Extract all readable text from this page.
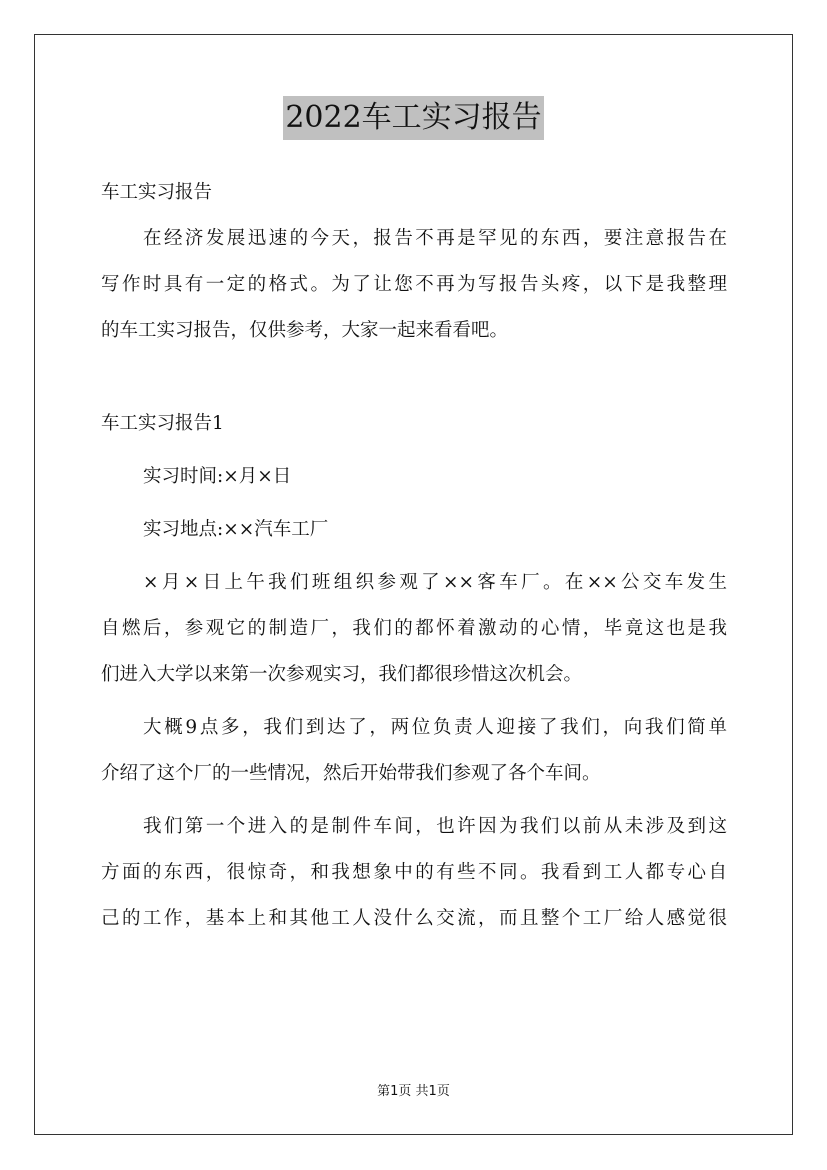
2022车工实习报告
车工实习报告
在经济发展迅速的今天，报告不再是罕见的东西，要注意报告在
写作时具有一定的格式。为了让您不再为写报告头疼，以下是我整理
的车工实习报告，仅供参考，大家一起来看看吧。
车工实习报告1
实习时间:×月×日
实习地点:××汽车工厂
×月×日上午我们班组织参观了××客车厂。在××公交车发生
自燃后，参观它的制造厂，我们的都怀着激动的心情，毕竟这也是我
们进入大学以来第一次参观实习，我们都很珍惜这次机会。
大概9点多，我们到达了，两位负责人迎接了我们，向我们简单
介绍了这个厂的一些情况，然后开始带我们参观了各个车间。
我们第一个进入的是制件车间，也许因为我们以前从未涉及到这
方面的东西，很惊奇，和我想象中的有些不同。我看到工人都专心自
己的工作，基本上和其他工人没什么交流，而且整个工厂给人感觉很
第1页 共1页
